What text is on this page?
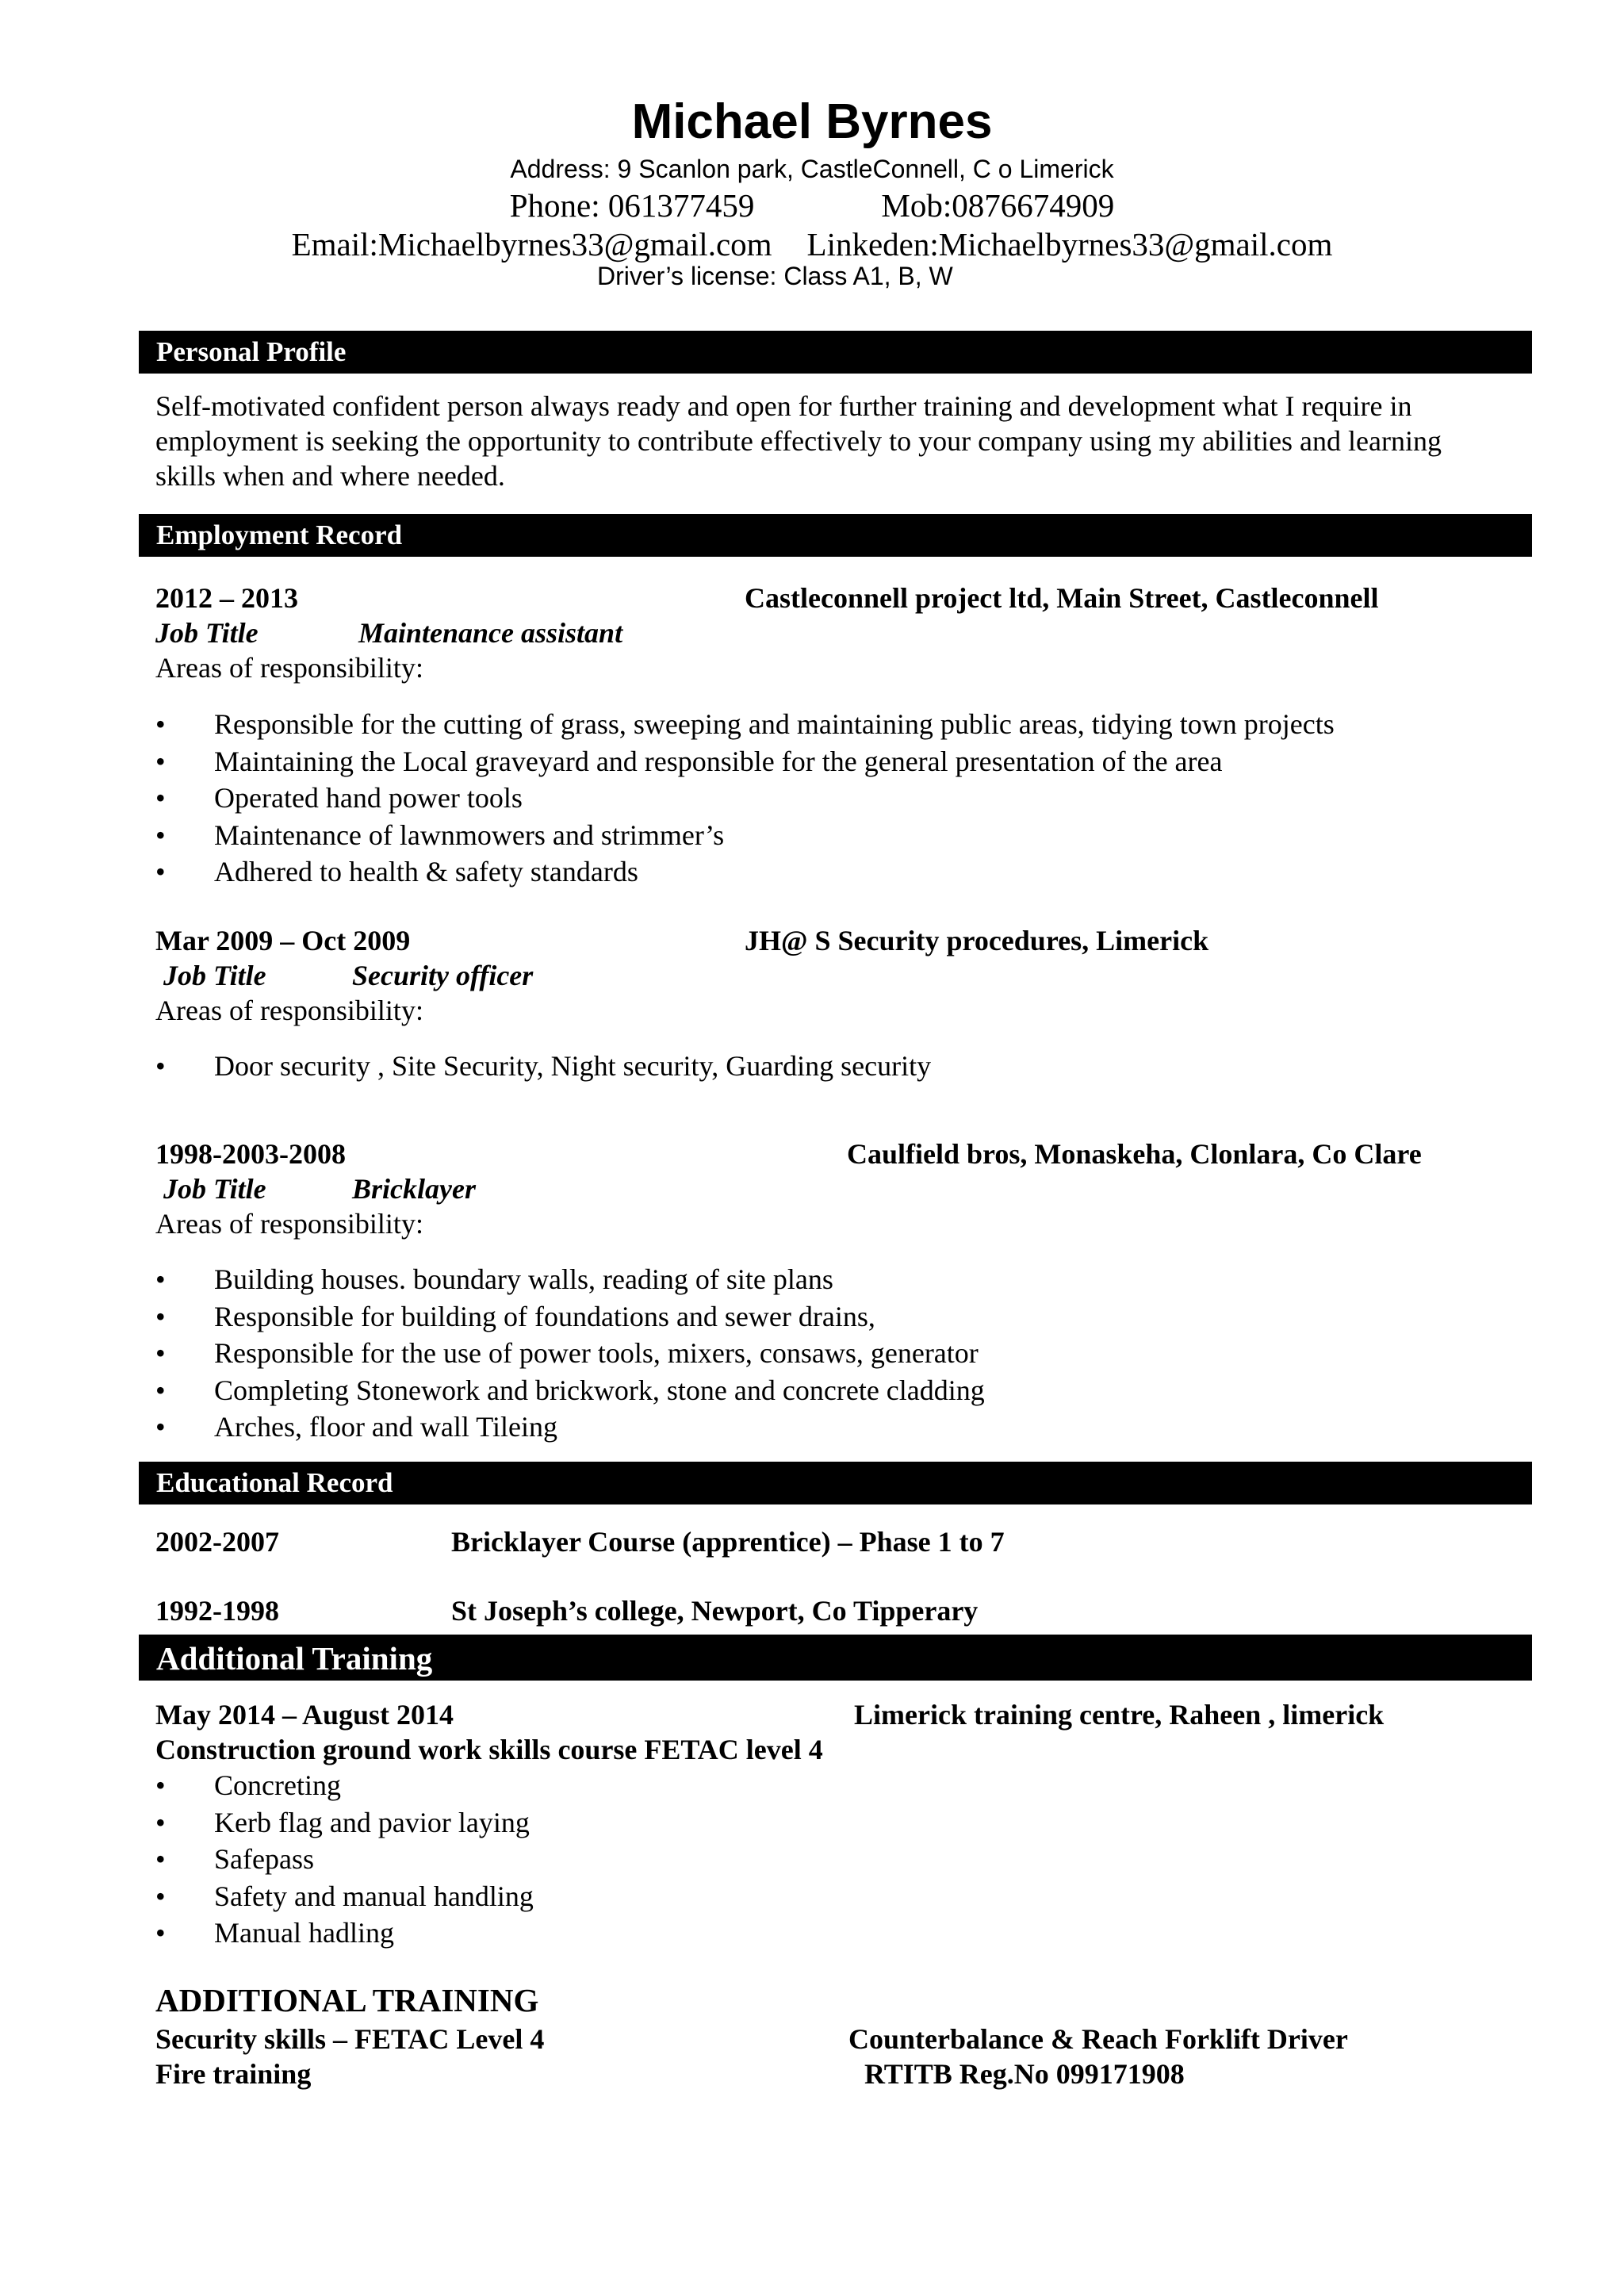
Michael Byrnes
Address: 9 Scanlon park, CastleConnell, C o Limerick
Phone: 061377459	Mob:0876674909
Email:Michaelbyrnes33@gmail.com Linkeden:Michaelbyrnes33@gmail.com
Driver’s license: Class A1, B, W
Personal Profile
Self-motivated confident person always ready and open for further training and development what I require in
employment is seeking the opportunity to contribute effectively to your company using my abilities and learning
skills when and where needed.
Employment Record
2012 – 2013	Castleconnell project ltd, Main Street, Castleconnell
Job Title	Maintenance assistant
Areas of responsibility:
• Responsible for the cutting of grass, sweeping and maintaining public areas, tidying town projects
• Maintaining the Local graveyard and responsible for the general presentation of the area
• Operated hand power tools
• Maintenance of lawnmowers and strimmer’s
• Adhered to health & safety standards
Mar 2009 – Oct 2009	JH@ S Security procedures, Limerick
Job Title	Security officer
Areas of responsibility:
• Door security , Site Security, Night security, Guarding security
1998-2003-2008	Caulfield bros, Monaskeha, Clonlara, Co Clare
Job Title	Bricklayer
Areas of responsibility:
• Building houses. boundary walls, reading of site plans
• Responsible for building of foundations and sewer drains,
• Responsible for the use of power tools, mixers, consaws, generator
• Completing Stonework and brickwork, stone and concrete cladding
• Arches, floor and wall Tileing
Educational Record
2002-2007	Bricklayer Course (apprentice) – Phase 1 to 7
1992-1998	St Joseph’s college, Newport, Co Tipperary
Additional Training
May 2014 – August 2014	Limerick training centre, Raheen , limerick
Construction ground work skills course FETAC level 4
• Concreting
• Kerb flag and pavior laying
• Safepass
• Safety and manual handling
• Manual hadling
ADDITIONAL TRAINING
Security skills – FETAC Level 4	Counterbalance & Reach Forklift Driver
Fire training	RTITB Reg.No 099171908
